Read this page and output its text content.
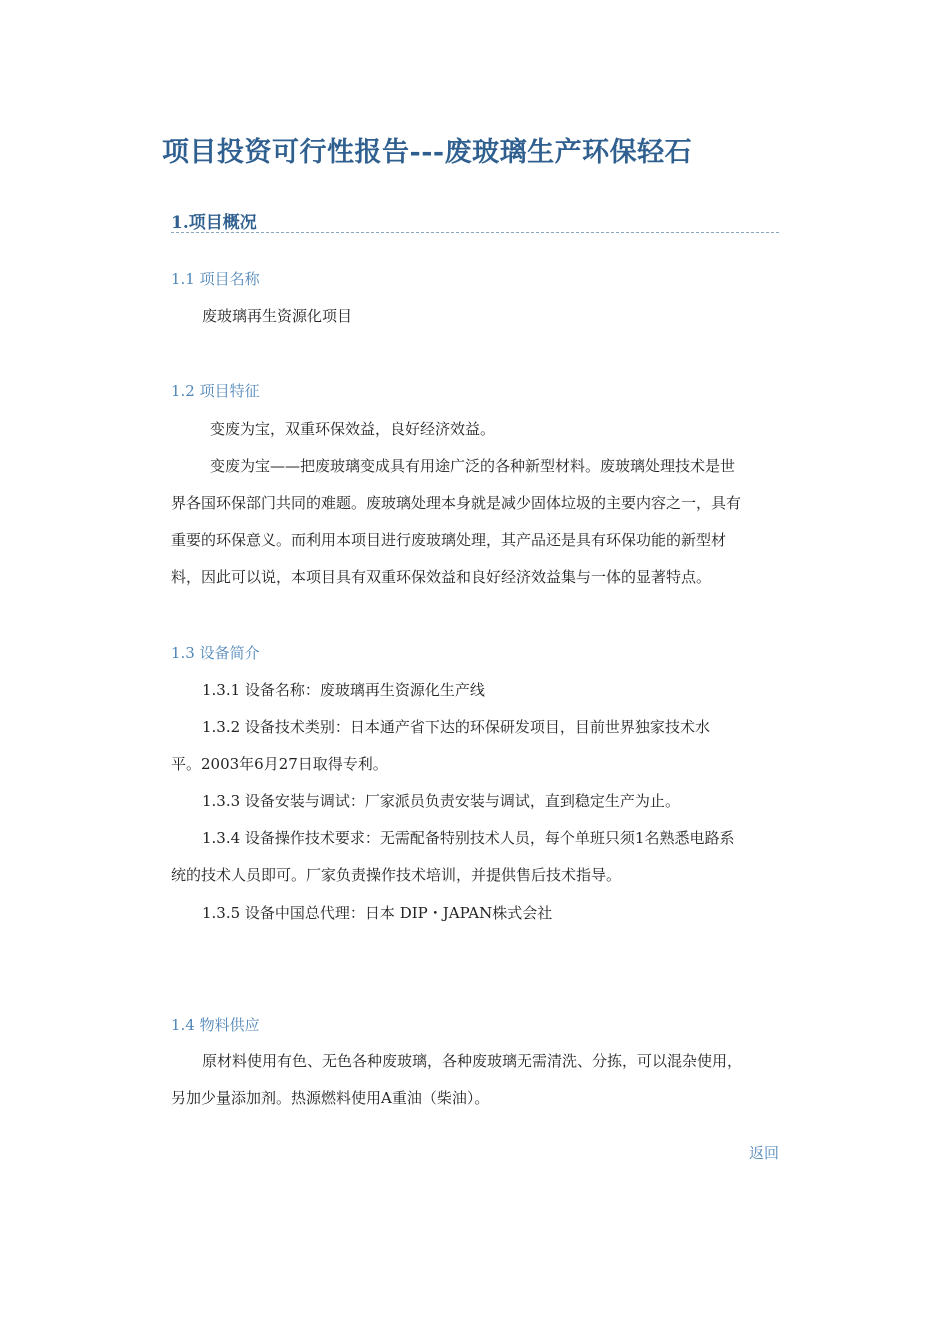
项目投资可行性报告---废玻璃生产环保轻石
1.项目概况
1.1 项目名称
废玻璃再生资源化项目
1.2 项目特征
变废为宝，双重环保效益，良好经济效益。
变废为宝——把废玻璃变成具有用途广泛的各种新型材料。废玻璃处理技术是世
界各国环保部门共同的难题。废玻璃处理本身就是减少固体垃圾的主要内容之一，具有
重要的环保意义。而利用本项目进行废玻璃处理，其产品还是具有环保功能的新型材
料，因此可以说，本项目具有双重环保效益和良好经济效益集与一体的显著特点。
1.3 设备简介
1.3.1 设备名称：废玻璃再生资源化生产线
1.3.2 设备技术类别：日本通产省下达的环保研发项目，目前世界独家技术水
平。2003年6月27日取得专利。
1.3.3 设备安装与调试：厂家派员负责安装与调试，直到稳定生产为止。
1.3.4 设备操作技术要求：无需配备特别技术人员，每个单班只须1名熟悉电路系
统的技术人员即可。厂家负责操作技术培训，并提供售后技术指导。
1.3.5 设备中国总代理：日本 DIP・JAPAN株式会社
1.4 物料供应
原材料使用有色、无色各种废玻璃，各种废玻璃无需清洗、分拣，可以混杂使用，
另加少量添加剂。热源燃料使用A重油（柴油）。
返回
